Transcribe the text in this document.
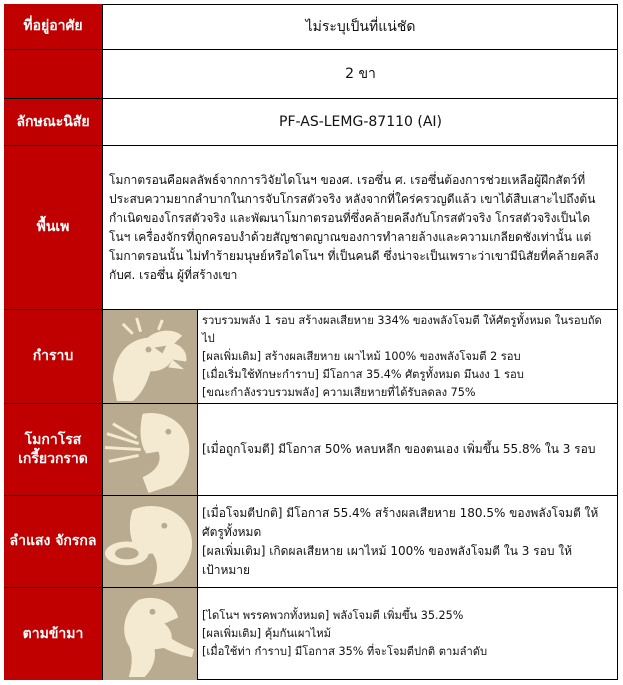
ที่อยู่อาศัย	ไม่ระบุเป็นที่แน่ชัด
2 ขา
ลักษณะนิสัย	PF-AS-LEMG-87110 (AI)
พื้นเพ
โมกาตรอนคือผลลัพธ์จากการวิจัยไดโนฯ ของศ. เรอซึ่น ศ. เรอซึ่นต้องการช่วยเหลือผู้ฝึกสัตว์ที่
ประสบความยากลำบากในการจับโกรสตัวจริง หลังจากที่ใคร่ครวญดีแล้ว เขาได้สืบเสาะไปถึงต้น
กำเนิดของโกรสตัวจริง และพัฒนาโมกาตรอนที่ซึ่งคล้ายคลึงกับโกรสตัวจริง โกรสตัวจริงเป็นได
โนฯ เครื่องจักรที่ถูกครอบงำด้วยสัญชาตญาณของการทำลายล้างและความเกลียดชังเท่านั้น แต่
โมกาตรอนนั้น ไม่ทำร้ายมนุษย์หรือไดโนฯ ที่เป็นคนดี ซึ่งน่าจะเป็นเพราะว่าเขามีนิสัยที่คล้ายคลึง
กับศ. เรอซึ่น ผู้ที่สร้างเขา
กำราบ
รวบรวมพลัง 1 รอบ สร้างผลเสียหาย 334% ของพลังโจมตี ให้ศัตรูทั้งหมด ในรอบถัดไป
[ผลเพิ่มเติม] สร้างผลเสียหาย เผาไหม้ 100% ของพลังโจมตี 2 รอบ
[เมื่อเริ่มใช้ทักษะกำราบ] มีโอกาส 35.4% ศัตรูทั้งหมด มึนงง 1 รอบ
[ขณะกำลังรวบรวมพลัง] ความเสียหายที่ได้รับลดลง 75%
โมกาโรส เกรี้ยวกราด
[เมื่อถูกโจมตี] มีโอกาส 50% หลบหลีก ของตนเอง เพิ่มขึ้น 55.8% ใน 3 รอบ
ลำแสง จักรกล
[เมื่อโจมตีปกติ] มีโอกาส 55.4% สร้างผลเสียหาย 180.5% ของพลังโจมตี ให้
ศัตรูทั้งหมด
[ผลเพิ่มเติม] เกิดผลเสียหาย เผาไหม้ 100% ของพลังโจมตี ใน 3 รอบ ให้
เป้าหมาย
ตามข้ามา
[ไดโนฯ พรรคพวกทั้งหมด] พลังโจมตี เพิ่มขึ้น 35.25%
[ผลเพิ่มเติม] คุ้มกันเผาไหม้
[เมื่อใช้ท่า กำราบ] มีโอกาส 35% ที่จะโจมตีปกติ ตามลำดับ
